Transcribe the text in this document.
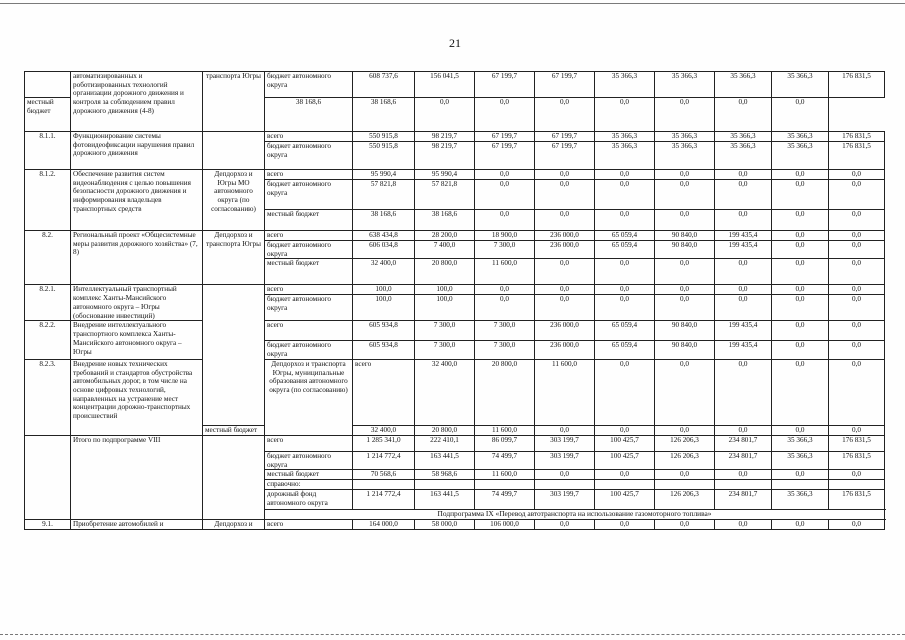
21
	автоматизированных и роботизированных технологий организации дорожного движения и контроля за соблюдением правил дорожного движения (4-8)	транспорта Югры	бюджет автономного округа	608 737,6	156 041,5	67 199,7	67 199,7	35 366,3	35 366,3	35 366,3	35 366,3	176 831,5	
местный бюджет			38 168,6	38 168,6	0,0	0,0	0,0	0,0	0,0	0,0	0,0		
8.1.1.	Функционирование системы фотовидеофиксации нарушения правил дорожного движения		всего	550 915,8	98 219,7	67 199,7	67 199,7	35 366,3	35 366,3	35 366,3	35 366,3	176 831,5	
			бюджет автономного округа	550 915,8	98 219,7	67 199,7	67 199,7	35 366,3	35 366,3	35 366,3	35 366,3	176 831,5	
8.1.2.	Обеспечение развития систем видеонаблюдения с целью повышения безопасности дорожного движения и информирования владельцев транспортных средств	Депдорхоз и Югры МО автономного округа (по согласованию)	всего	95 990,4	95 990,4	0,0	0,0	0,0	0,0	0,0	0,0	0,0	
			бюджет автономного округа	57 821,8	57 821,8	0,0	0,0	0,0	0,0	0,0	0,0	0,0	
			местный бюджет	38 168,6	38 168,6	0,0	0,0	0,0	0,0	0,0	0,0	0,0	
8.2.	Региональный проект «Общесистемные меры развития дорожного хозяйства» (7, 8)	Депдорхоз и транспорта Югры	всего	638 434,8	28 200,0	18 900,0	236 000,0	65 059,4	90 840,0	199 435,4	0,0	0,0	
			бюджет автономного округа	606 034,8	7 400,0	7 300,0	236 000,0	65 059,4	90 840,0	199 435,4	0,0	0,0	
			местный бюджет	32 400,0	20 800,0	11 600,0	0,0	0,0	0,0	0,0	0,0	0,0	
8.2.1.	Интеллектуальный транспортный комплекс Ханты-Мансийского автономного округа – Югры (обоснование инвестиций)		всего	100,0	100,0	0,0	0,0	0,0	0,0	0,0	0,0	0,0	
			бюджет автономного округа	100,0	100,0	0,0	0,0	0,0	0,0	0,0	0,0	0,0	
8.2.2.	Внедрение интеллектуального транспортного комплекса Ханты-Мансийского автономного округа – Югры		всего	605 934,8	7 300,0	7 300,0	236 000,0	65 059,4	90 840,0	199 435,4	0,0	0,0	
			бюджет автономного округа	605 934,8	7 300,0	7 300,0	236 000,0	65 059,4	90 840,0	199 435,4	0,0	0,0	
8.2.3.	Внедрение новых технических требований и стандартов обустройства автомобильных дорог, в том числе на основе цифровых технологий, направленных на устранение мест концентрации дорожно-транспортных происшествий		Депдорхоз и транспорта Югры, муниципальные образования автономного округа (по согласованию)	всего	32 400,0	20 800,0	11 600,0	0,0	0,0	0,0	0,0	0,0	
		местный бюджет		32 400,0	20 800,0	11 600,0	0,0	0,0	0,0	0,0	0,0	0,0	
	Итого по подпрограмме VIII		всего	1 285 341,0	222 410,1	86 099,7	303 199,7	100 425,7	126 206,3	234 801,7	35 366,3	176 831,5	
			бюджет автономного округа	1 214 772,4	163 441,5	74 499,7	303 199,7	100 425,7	126 206,3	234 801,7	35 366,3	176 831,5	
			местный бюджет	70 568,6	58 968,6	11 600,0	0,0	0,0	0,0	0,0	0,0	0,0	
			справочно:										
			дорожный фонд автономного округа	1 214 772,4	163 441,5	74 499,7	303 199,7	100 425,7	126 206,3	234 801,7	35 366,3	176 831,5	
			Подпрограмма IX «Перевод автотранспорта на использование газомоторного топлива»										
9.1.	Приобретение автомобилей и	Депдорхоз и	всего	164 000,0	58 000,0	106 000,0	0,0	0,0	0,0	0,0	0,0	0,0	
